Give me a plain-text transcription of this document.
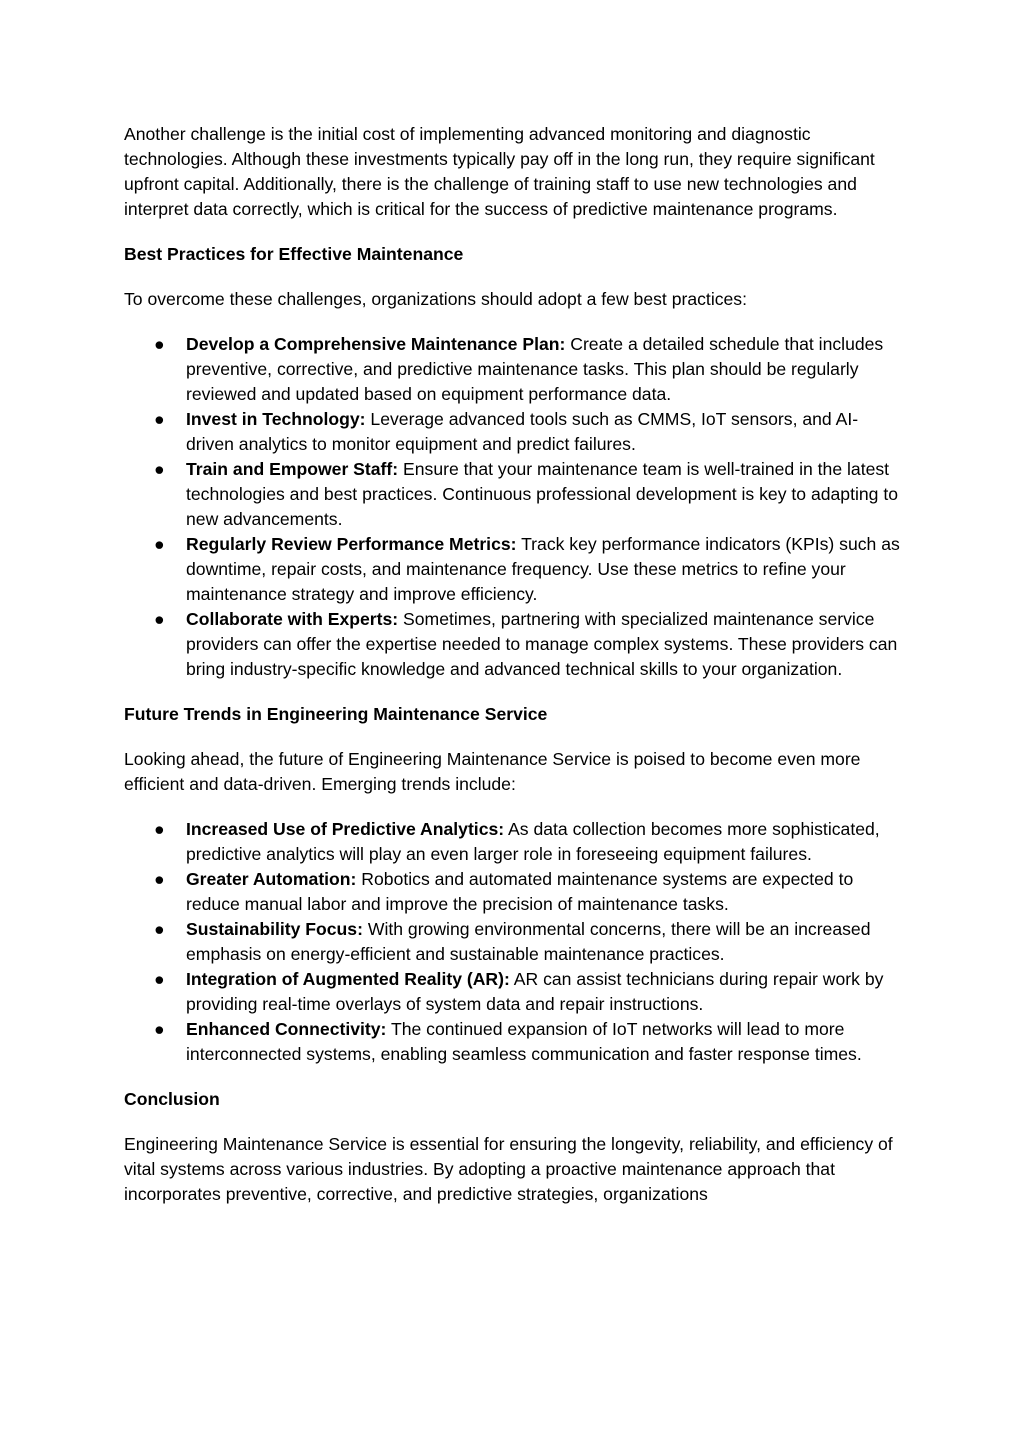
Another challenge is the initial cost of implementing advanced monitoring and diagnostic technologies. Although these investments typically pay off in the long run, they require significant upfront capital. Additionally, there is the challenge of training staff to use new technologies and interpret data correctly, which is critical for the success of predictive maintenance programs.

Best Practices for Effective Maintenance

To overcome these challenges, organizations should adopt a few best practices:

● Develop a Comprehensive Maintenance Plan: Create a detailed schedule that includes preventive, corrective, and predictive maintenance tasks. This plan should be regularly reviewed and updated based on equipment performance data.
● Invest in Technology: Leverage advanced tools such as CMMS, IoT sensors, and AI-driven analytics to monitor equipment and predict failures.
● Train and Empower Staff: Ensure that your maintenance team is well-trained in the latest technologies and best practices. Continuous professional development is key to adapting to new advancements.
● Regularly Review Performance Metrics: Track key performance indicators (KPIs) such as downtime, repair costs, and maintenance frequency. Use these metrics to refine your maintenance strategy and improve efficiency.
● Collaborate with Experts: Sometimes, partnering with specialized maintenance service providers can offer the expertise needed to manage complex systems. These providers can bring industry-specific knowledge and advanced technical skills to your organization.

Future Trends in Engineering Maintenance Service

Looking ahead, the future of Engineering Maintenance Service is poised to become even more efficient and data-driven. Emerging trends include:

● Increased Use of Predictive Analytics: As data collection becomes more sophisticated, predictive analytics will play an even larger role in foreseeing equipment failures.
● Greater Automation: Robotics and automated maintenance systems are expected to reduce manual labor and improve the precision of maintenance tasks.
● Sustainability Focus: With growing environmental concerns, there will be an increased emphasis on energy-efficient and sustainable maintenance practices.
● Integration of Augmented Reality (AR): AR can assist technicians during repair work by providing real-time overlays of system data and repair instructions.
● Enhanced Connectivity: The continued expansion of IoT networks will lead to more interconnected systems, enabling seamless communication and faster response times.

Conclusion

Engineering Maintenance Service is essential for ensuring the longevity, reliability, and efficiency of vital systems across various industries. By adopting a proactive maintenance approach that incorporates preventive, corrective, and predictive strategies, organizations
